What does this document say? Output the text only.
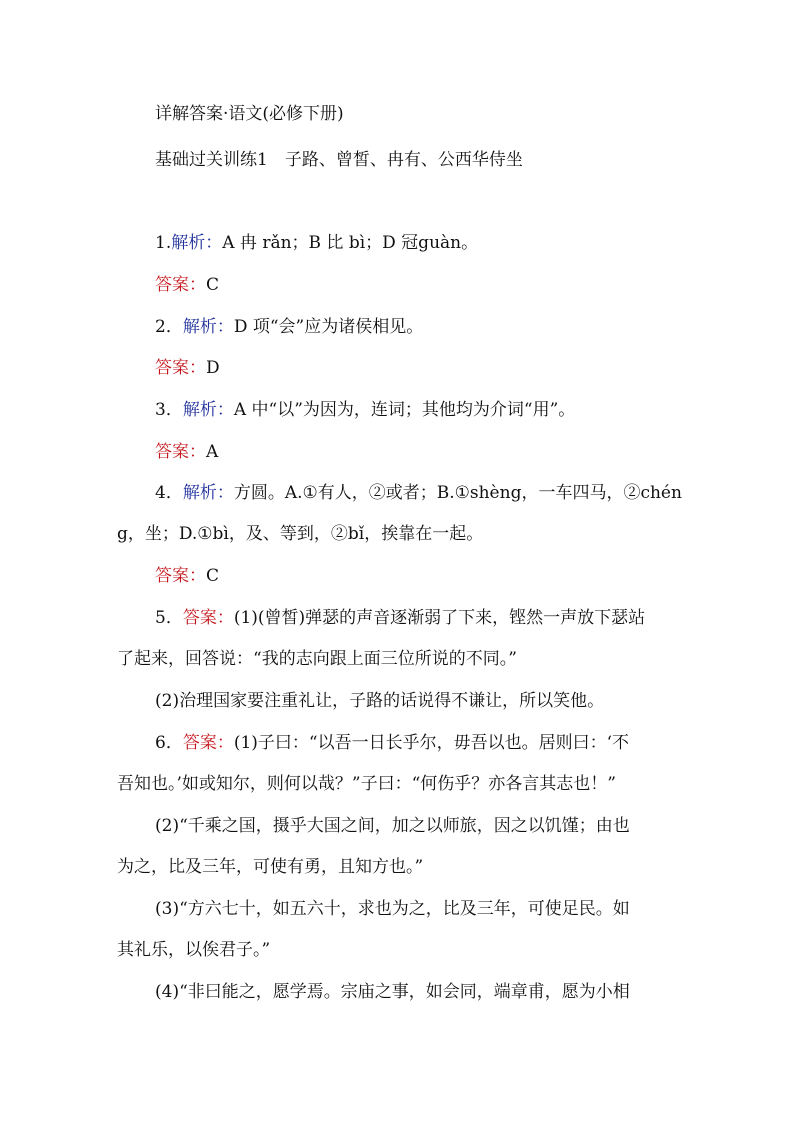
详解答案·语文(必修下册)
基础过关训练1　子路、曾皙、冉有、公西华侍坐
1.解析：A 冉 rǎn；B 比 bì；D 冠guàn。
答案：C
2．解析：D 项“会”应为诸侯相见。
答案：D
3．解析：A 中“以”为因为，连词；其他均为介词“用”。
答案：A
4．解析：方圆。A.①有人，②或者；B.①shèng，一车四马，②chén
g，坐；D.①bì，及、等到，②bǐ，挨靠在一起。
答案：C
5．答案：(1)(曾皙)弹瑟的声音逐渐弱了下来，铿然一声放下瑟站
了起来，回答说：“我的志向跟上面三位所说的不同。”
(2)治理国家要注重礼让，子路的话说得不谦让，所以笑他。
6．答案：(1)子曰：“以吾一日长乎尔，毋吾以也。居则曰：‘不
吾知也。’如或知尔，则何以哉？”子曰：“何伤乎？亦各言其志也！”
(2)“千乘之国，摄乎大国之间，加之以师旅，因之以饥馑；由也
为之，比及三年，可使有勇，且知方也。”
(3)“方六七十，如五六十，求也为之，比及三年，可使足民。如
其礼乐，以俟君子。”
(4)“非曰能之，愿学焉。宗庙之事，如会同，端章甫，愿为小相
